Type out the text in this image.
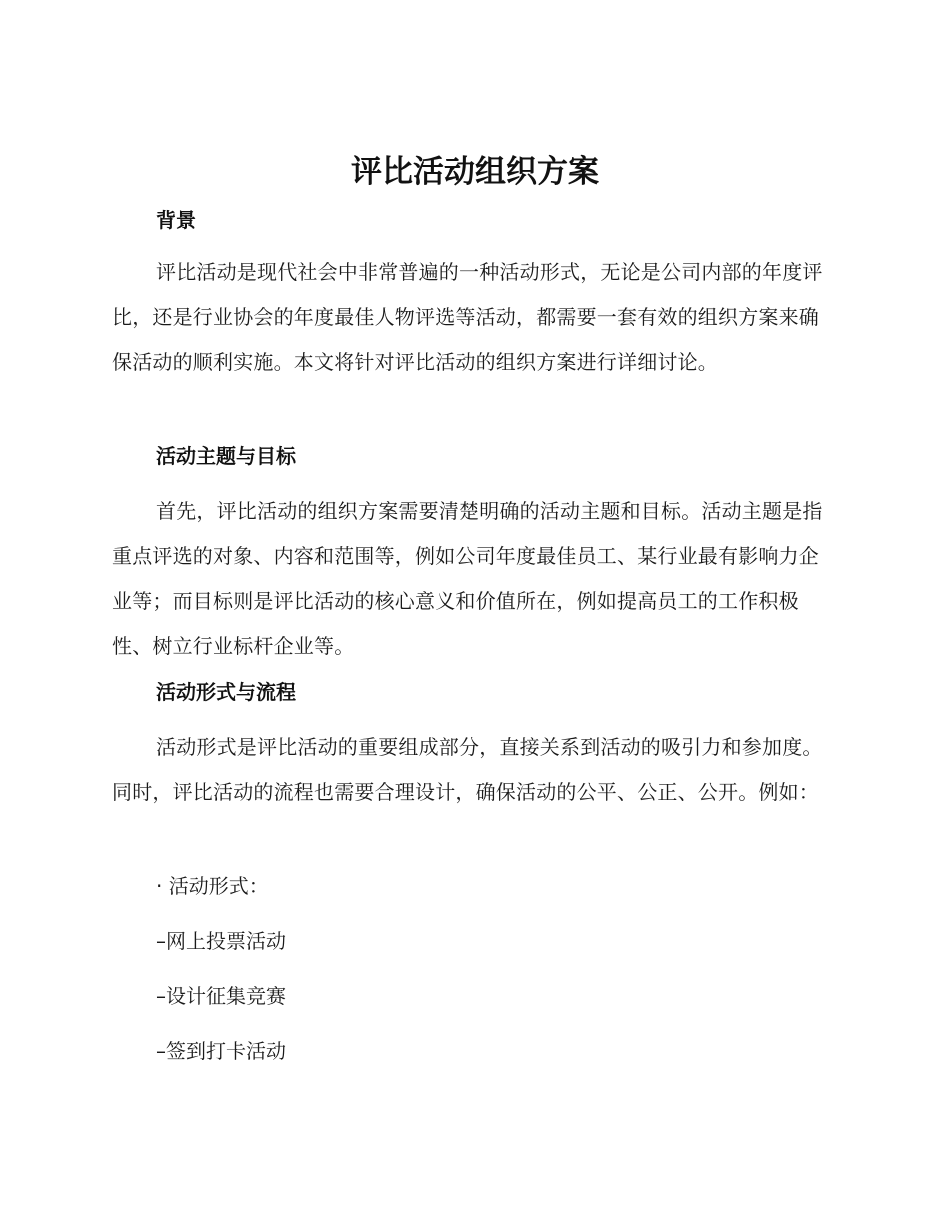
评比活动组织方案
背景

评比活动是现代社会中非常普遍的一种活动形式，无论是公司内部的年度评比，还是行业协会的年度最佳人物评选等活动，都需要一套有效的组织方案来确保活动的顺利实施。本文将针对评比活动的组织方案进行详细讨论。

活动主题与目标

首先，评比活动的组织方案需要清楚明确的活动主题和目标。活动主题是指重点评选的对象、内容和范围等，例如公司年度最佳员工、某行业最有影响力企业等；而目标则是评比活动的核心意义和价值所在，例如提高员工的工作积极性、树立行业标杆企业等。

活动形式与流程

活动形式是评比活动的重要组成部分，直接关系到活动的吸引力和参加度。同时，评比活动的流程也需要合理设计，确保活动的公平、公正、公开。例如：

· 活动形式：
–网上投票活动
–设计征集竞赛
–签到打卡活动
